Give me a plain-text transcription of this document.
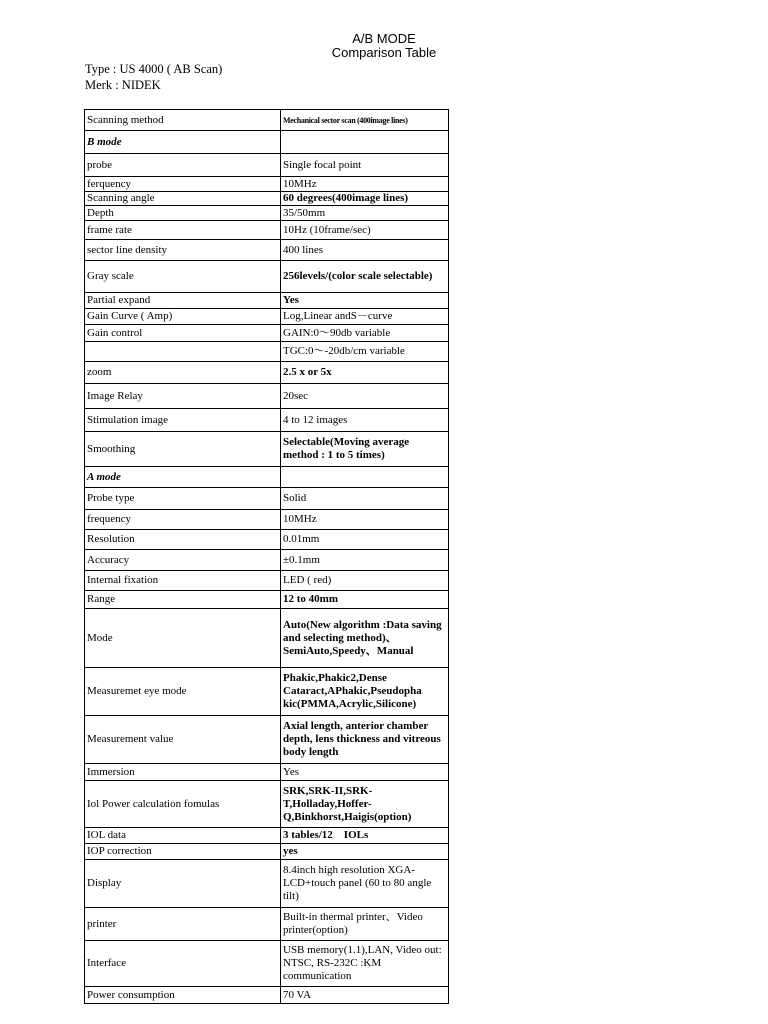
A/B MODE
Comparison Table
Type : US 4000 ( AB Scan)
Merk : NIDEK
Scanning method	Mechanical sector scan (400image lines)
B mode	
probe	Single focal point
ferquency	10MHz
Scanning angle	60 degrees(400image lines)
Depth	35/50mm
frame rate	10Hz (10frame/sec)
sector line density	400 lines
Gray scale	256levels/(color scale selectable)
Partial expand	Yes
Gain Curve ( Amp)	Log,Linear andS－curve
Gain control	GAIN:0～90db variable
	TGC:0～-20db/cm variable
zoom	2.5 x or 5x
Image Relay	20sec
Stimulation image	4 to 12 images
Smoothing	Selectable(Moving average method : 1 to 5 times)
A mode	
Probe type	Solid
frequency	10MHz
Resolution	0.01mm
Accuracy	±0.1mm
Internal fixation	LED ( red)
Range	12 to 40mm
Mode	Auto(New algorithm :Data saving and selecting method)、SemiAuto,Speedy、Manual
Measuremet eye mode	Phakic,Phakic2,Dense Cataract,APhakic,Pseudopha kic(PMMA,Acrylic,Silicone)
Measurement value	Axial length, anterior chamber depth, lens thickness and vitreous body length
Immersion	Yes
Iol Power calculation fomulas	SRK,SRK-II,SRK-T,Holladay,Hoffer-Q,Binkhorst,Haigis(option)
IOL data	3 tables/12　IOLs
IOP correction	yes
Display	8.4inch high resolution XGA-LCD+touch panel (60 to 80 angle tilt)
printer	Built-in thermal printer、Video printer(option)
Interface	USB memory(1.1),LAN, Video out: NTSC, RS-232C :KM communication
Power consumption	70 VA
